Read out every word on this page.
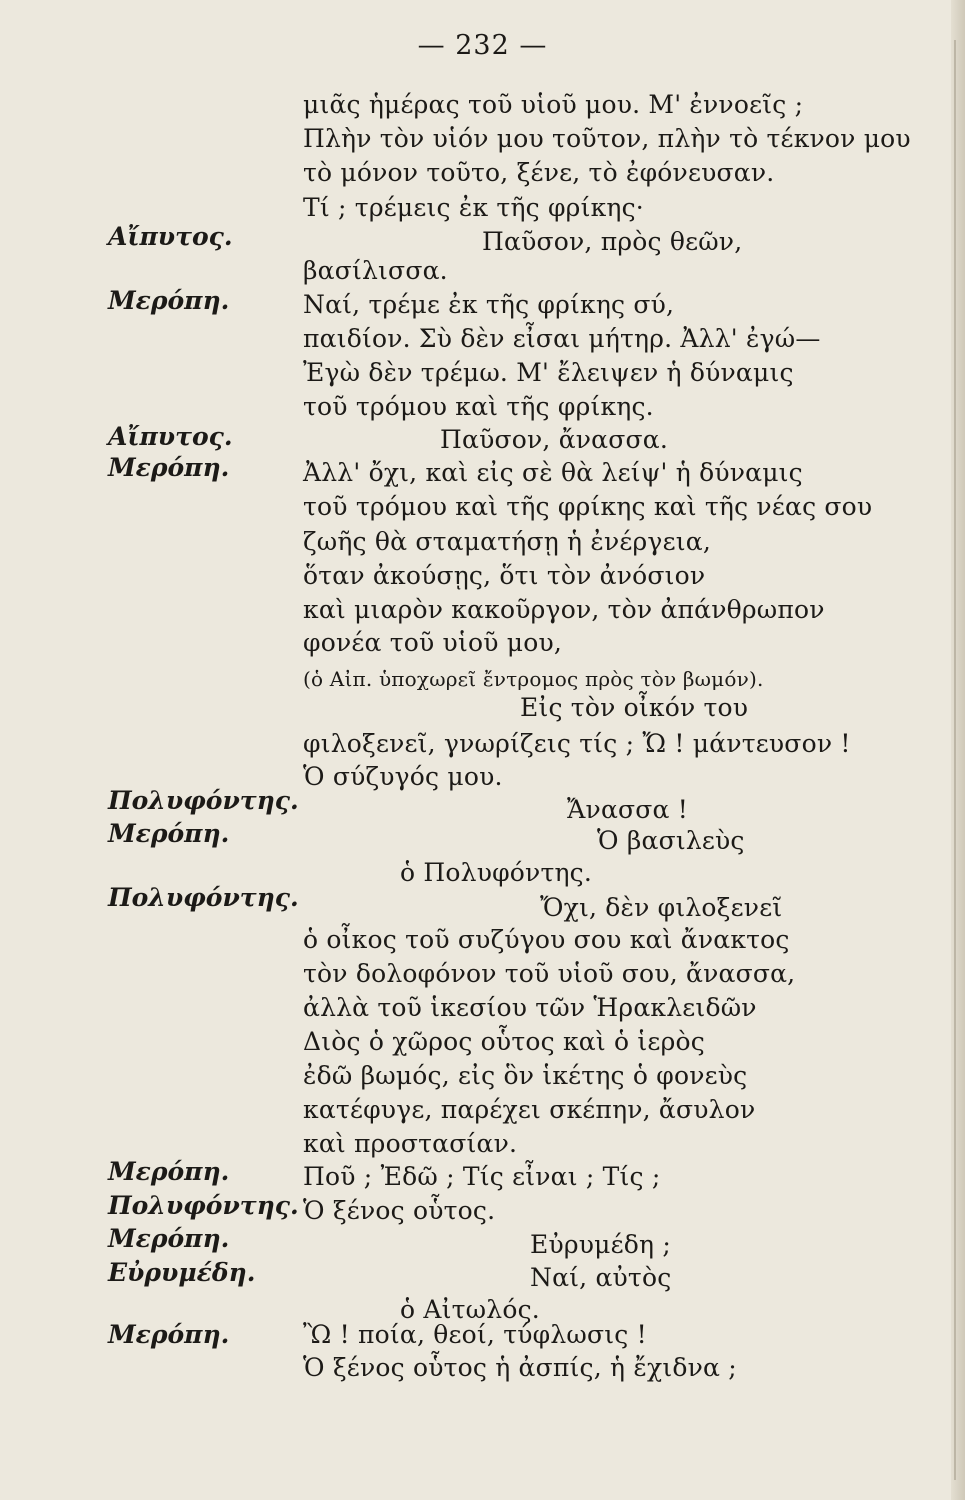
— 232 —
Αἴπυτος.
Μερόπη.
Αἴπυτος.
Μερόπη.
Πολυφόντης.
Μερόπη.
Πολυφόντης.
Μερόπη.
Πολυφόντης.
Μερόπη.
Εὐρυμέδη.
Μερόπη.
μιᾶς ἡμέρας τοῦ υἱοῦ μου. Μ' ἐννοεῖς ;
Πλὴν τὸν υἱόν μου τοῦτον, πλὴν τὸ τέκνον μου
τὸ μόνον τοῦτο, ξένε, τὸ ἐφόνευσαν.
Τί ; τρέμεις ἐκ τῆς φρίκης·
Παῦσον, πρὸς θεῶν,
βασίλισσα.
Ναί, τρέμε ἐκ τῆς φρίκης σύ,
παιδίον. Σὺ δὲν εἶσαι μήτηρ. Ἀλλ' ἐγώ—
Ἐγὼ δὲν τρέμω. Μ' ἔλειψεν ἡ δύναμις
τοῦ τρόμου καὶ τῆς φρίκης.
Παῦσον, ἄνασσα.
Ἀλλ' ὄχι, καὶ εἰς σὲ θὰ λείψ' ἡ δύναμις
τοῦ τρόμου καὶ τῆς φρίκης καὶ τῆς νέας σου
ζωῆς θὰ σταματήσῃ ἡ ἐνέργεια,
ὅταν ἀκούσῃς, ὅτι τὸν ἀνόσιον
καὶ μιαρὸν κακοῦργον, τὸν ἀπάνθρωπον
φονέα τοῦ υἱοῦ μου,
(ὁ Αἰπ. ὑποχωρεῖ ἔντρομος πρὸς τὸν βωμόν).
Εἰς τὸν οἶκόν του
φιλοξενεῖ, γνωρίζεις τίς ; Ὤ ! μάντευσον !
Ὁ σύζυγός μου.
Ἄνασσα !
Ὁ βασιλεὺς
ὁ Πολυφόντης.
Ὄχι, δὲν φιλοξενεῖ
ὁ οἶκος τοῦ συζύγου σου καὶ ἄνακτος
τὸν δολοφόνον τοῦ υἱοῦ σου, ἄνασσα,
ἀλλὰ τοῦ ἱκεσίου τῶν Ἡρακλειδῶν
Διὸς ὁ χῶρος οὗτος καὶ ὁ ἱερὸς
ἐδῶ βωμός, εἰς ὃν ἱκέτης ὁ φονεὺς
κατέφυγε, παρέχει σκέπην, ἄσυλον
καὶ προστασίαν.
Ποῦ ; Ἐδῶ ; Τίς εἶναι ; Τίς ;
Ὁ ξένος οὗτος.
Εὐρυμέδη ;
Ναί, αὐτὸς
ὁ Αἰτωλός.
Ὢ ! ποία, θεοί, τύφλωσις !
Ὁ ξένος οὗτος ἡ ἀσπίς, ἡ ἔχιδνα ;
